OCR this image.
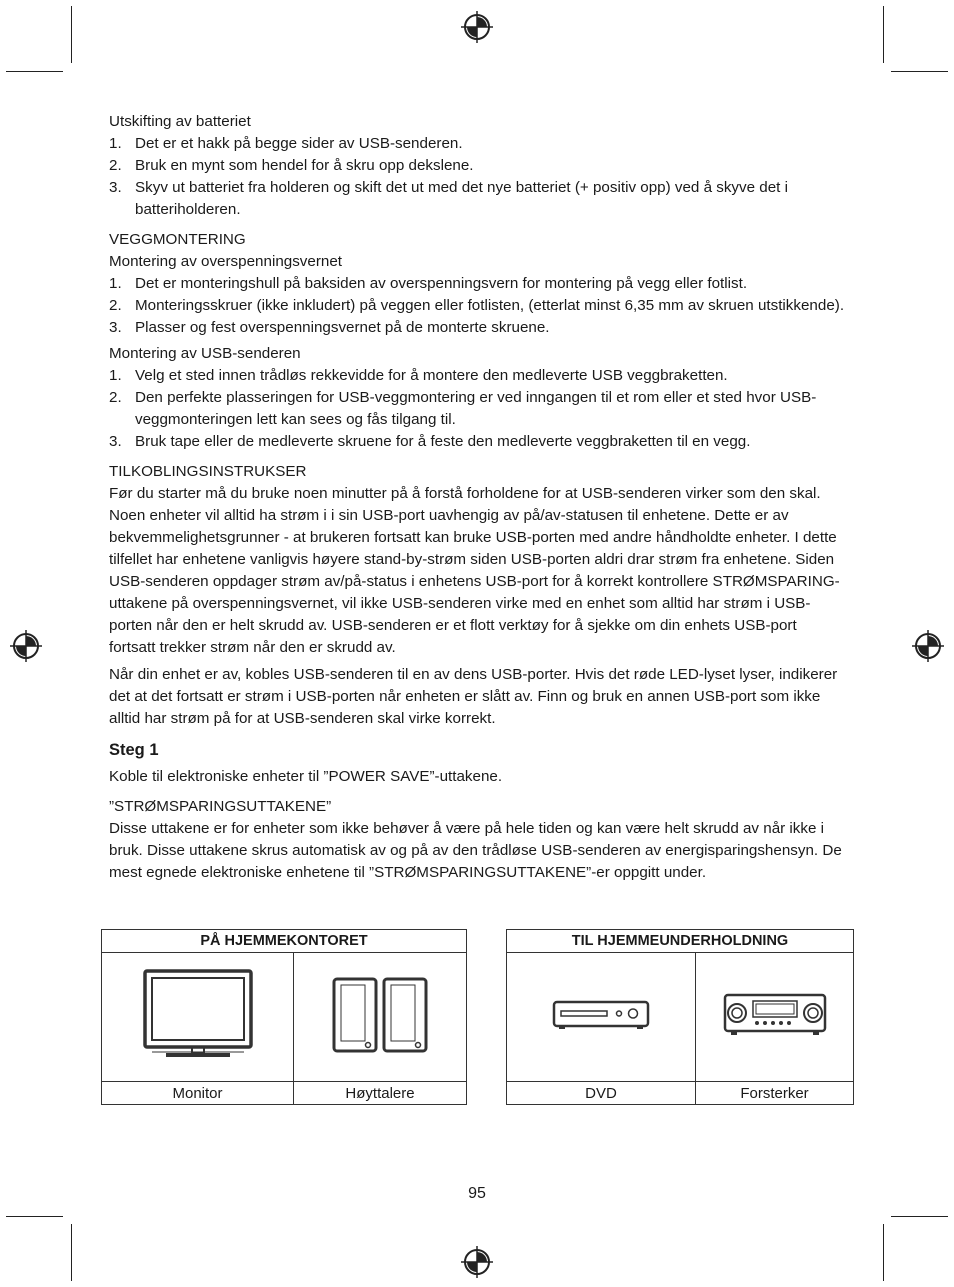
Utskifting av batteriet

1. Det er et hakk på begge sider av USB-senderen.
2. Bruk en mynt som hendel for å skru opp dekslene.
3. Skyv ut batteriet fra holderen og skift det ut med det nye batteriet (+ positiv opp) ved å skyve det i batteriholderen.

VEGGMONTERING

Montering av overspenningsvernet

1. Det er monteringshull på baksiden av overspenningsvern for montering på vegg eller fotlist.
2. Monteringsskruer (ikke inkludert) på veggen eller fotlisten, (etterlat minst 6,35 mm av skruen utstikkende).
3. Plasser og fest overspenningsvernet på de monterte skruene.

Montering av USB-senderen

1. Velg et sted innen trådløs rekkevidde for å montere den medleverte USB veggbraketten.
2. Den perfekte plasseringen for USB-veggmontering er ved inngangen til et rom eller et sted hvor USB-veggmonteringen lett kan sees og fås tilgang til.
3. Bruk tape eller de medleverte skruene for å feste den medleverte veggbraketten til en vegg.

TILKOBLINGSINSTRUKSER

Før du starter må du bruke noen minutter på å forstå forholdene for at USB-senderen virker som den skal. Noen enheter vil alltid ha strøm i i sin USB-port uavhengig av på/av-statusen til enhetene. Dette er av bekvemmelighetsgrunner - at brukeren fortsatt kan bruke USB-porten med andre håndholdte enheter. I dette tilfellet har enhetene vanligvis høyere stand-by-strøm siden USB-porten aldri drar strøm fra enhetene. Siden USB-senderen oppdager strøm av/på-status i enhetens USB-port for å korrekt kontrollere STRØMSPARING-uttakene på overspenningsvernet, vil ikke USB-senderen virke med en enhet som alltid har strøm i USB-porten når den er helt skrudd av. USB-senderen er et flott verktøy for å sjekke om din enhets USB-port fortsatt trekker strøm når den er skrudd av.

Når din enhet er av, kobles USB-senderen til en av dens USB-porter. Hvis det røde LED-lyset lyser, indikerer det at det fortsatt er strøm i USB-porten når enheten er slått av. Finn og bruk en annen USB-port som ikke alltid har strøm på for at USB-senderen skal virke korrekt.

Steg 1

Koble til elektroniske enheter til ”POWER SAVE”-uttakene.

”STRØMSPARINGSUTTAKENE”

Disse uttakene er for enheter som ikke behøver å være på hele tiden og kan være helt skrudd av når ikke i bruk. Disse uttakene skrus automatisk av og på av den trådløse USB-senderen av energisparingshensyn. De mest egnede elektroniske enhetene til ”STRØMSPARINGSUTTAKENE”-er oppgitt under.

PÅ HJEMMEKONTORET	

Monitor	Høyttalere
TIL HJEMMEUNDERHOLDNING	

DVD	Forsterker
95
